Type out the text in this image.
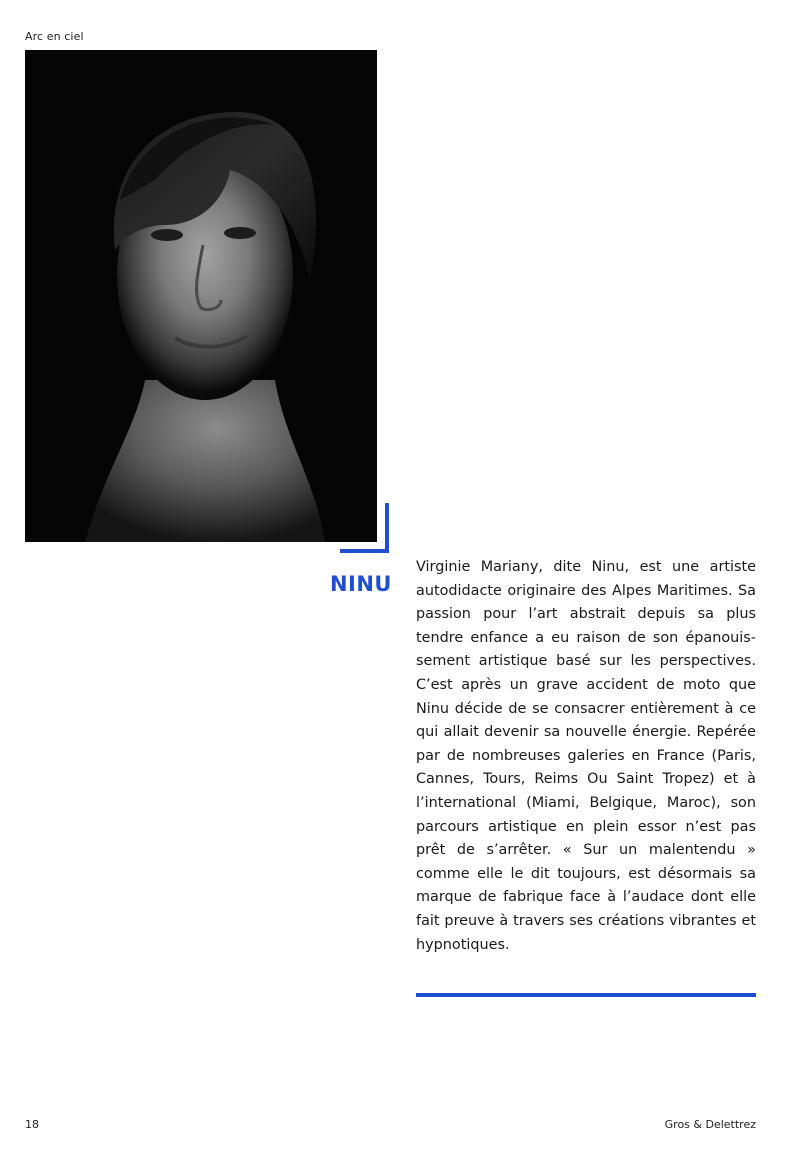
Arc en ciel
NINU

Virginie Mariany, dite Ninu, est une artiste autodidacte originaire des Alpes Maritimes. Sa passion pour l’art abstrait depuis sa plus tendre enfance a eu raison de son épanouissement artistique basé sur les perspectives. C’est après un grave accident de moto que Ninu décide de se consacrer entièrement à ce qui allait devenir sa nouvelle énergie. Repérée par de nombreuses galeries en France (Paris, Cannes, Tours, Reims Ou Saint Tropez) et à l’international (Miami, Belgique, Maroc), son parcours artistique en plein essor n’est pas prêt de s’arrêter. « Sur un malentendu » comme elle le dit toujours, est désormais sa marque de fabrique face à l’audace dont elle fait preuve à travers ses créations vibrantes et hypnotiques.

18	Gros & Delettrez
